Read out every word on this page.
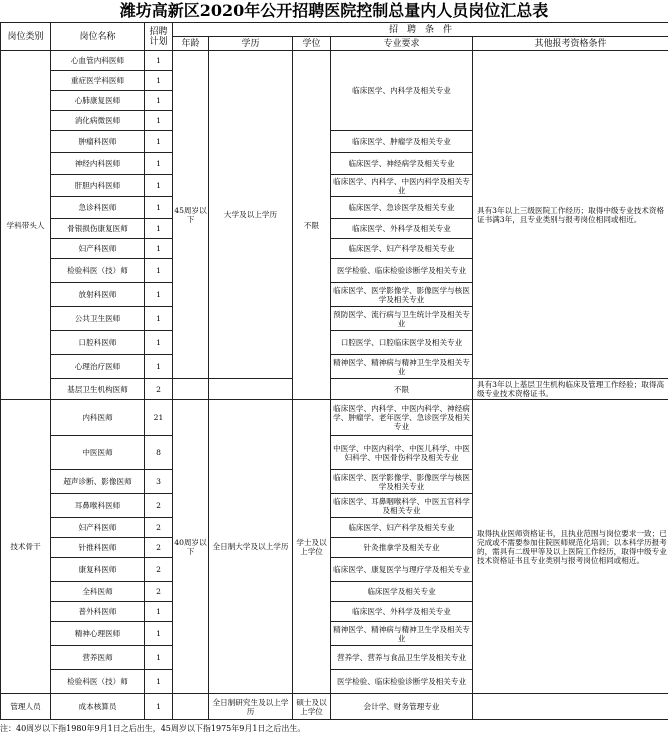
潍坊高新区2020年公开招聘医院控制总量内人员岗位汇总表
岗位类别	岗位名称	招聘计划	招　聘　条　件				
			年龄	学历	学位	专业要求	其他报考资格条件
学科带头人	心血管内科医师	1	45周岁以下	大学及以上学历	不限	临床医学、内科学及相关专业	具有3年以上三级医院工作经历；取得中级专业技术资格证书满3年，且专业类别与报考岗位相同或相近。
	重症医学科医师	1					
	心肺康复医师	1					
	消化病微医师	1					
	肿瘤科医师	1				临床医学、肿瘤学及相关专业	
	神经内科医师	1				临床医学、神经病学及相关专业	
	肝胆内科医师	1				临床医学、内科学、中医内科学及相关专业	
	急诊科医师	1				临床医学、急诊医学及相关专业	
	骨银损伤康复医师	1				临床医学、外科学及相关专业	
	妇产科医师	1				临床医学、妇产科学及相关专业	
	检验科医（技）师	1				医学检验、临床检验诊断学及相关专业	
	放射科医师	1				临床医学、医学影像学、影像医学与核医学及相关专业	
	公共卫生医师	1				预防医学、流行病与卫生统计学及相关专业	
	口腔科医师	1				口腔医学、口腔临床医学及相关专业	
	心理治疗医师	1				精神医学、精神病与精神卫生学及相关专业	
	基层卫生机构医师	2				不限	具有3年以上基层卫生机构临床及管理工作经验；取得高级专业技术资格证书。
技术骨干	内科医师	21	40周岁以下	全日制大学及以上学历	学士及以上学位	临床医学、内科学、中医内科学、神经病学、肿瘤学、老年医学、急诊医学及相关专业	取得执业医师资格证书，且执业范围与岗位要求一致；已完成或不需要参加住院医师规范化培训；以本科学历报考的，需具有二级甲等及以上医院工作经历，取得中级专业技术资格证书且专业类别与报考岗位相同或相近。
	中医医师	8				中医学、中医内科学、中医儿科学、中医妇科学、中医骨伤科学及相关专业	
	超声诊断、影像医师	3				临床医学、医学影像学、影像医学与核医学及相关专业	
	耳鼻喉科医师	2				临床医学、耳鼻咽喉科学、中医五官科学及相关专业	
	妇产科医师	2				临床医学、妇产科学及相关专业	
	针推科医师	2				针灸推拿学及相关专业	
	康复科医师	2				临床医学、康复医学与理疗学及相关专业	
	全科医师	2				临床医学及相关专业	
	普外科医师	1				临床医学、外科学及相关专业	
	精神心理医师	1				精神医学、精神病与精神卫生学及相关专业	
	营养医师	1				营养学、营养与食品卫生学及相关专业	
	检验科医（技）师	1				医学检验、临床检验诊断学及相关专业	
管理人员	成本核算员	1		全日制研究生及以上学历	硕士及以上学位	会计学、财务管理专业	
注：40周岁以下指1980年9月1日之后出生，45周岁以下指1975年9月1日之后出生。
